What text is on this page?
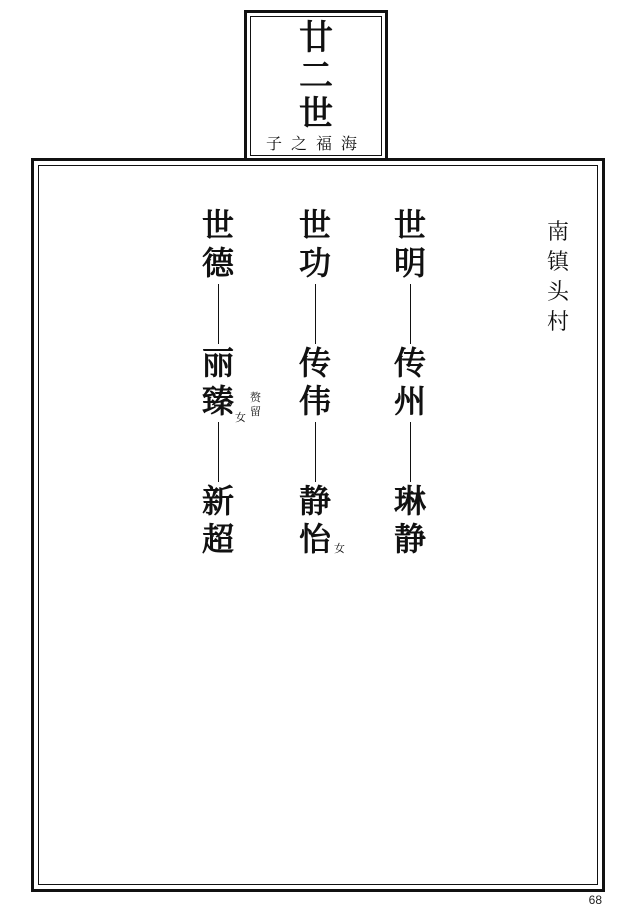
廿
二
世
子之福海
南
镇
头
村
世
明
传
州
琳
静
世
功
传
伟
静
怡 女
世
德
丽
臻 女
赘
留
新
超
68
